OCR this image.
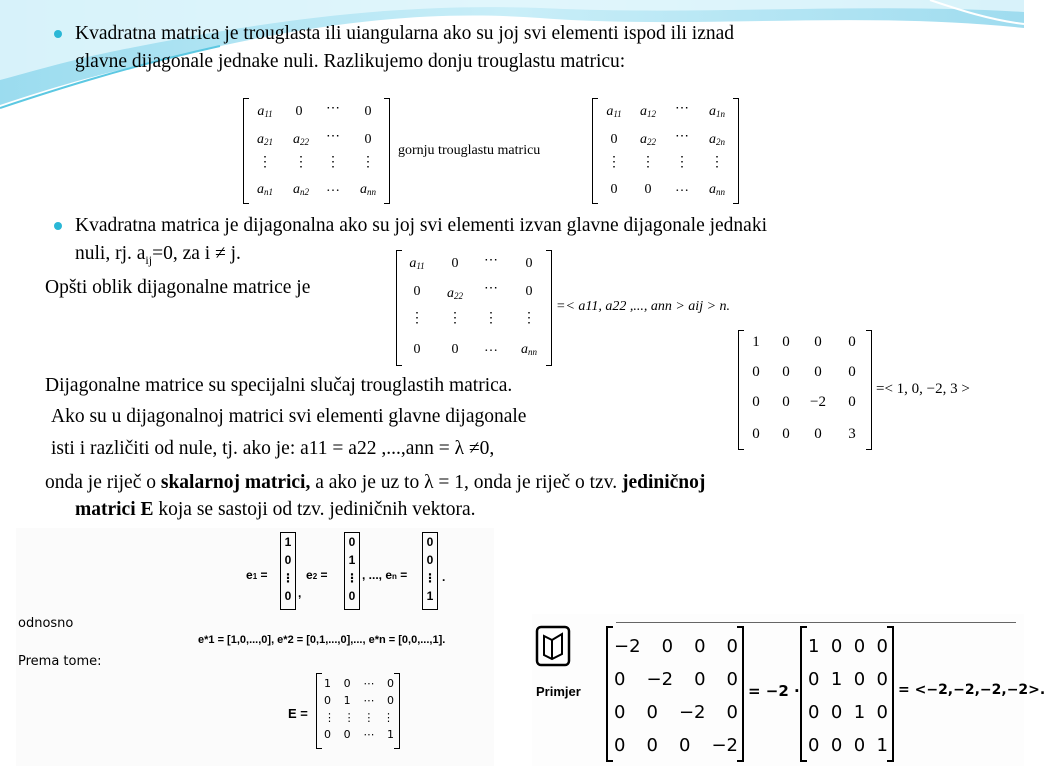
Kvadratna matrica je trouglasta ili uiangularna ako su joj svi elementi ispod ili iznad
glavne dijagonale jednake nuli. Razlikujemo donju trouglastu matricu:
a11	0	⋯	0
a21	a22	⋯	0
⋮	⋮	⋮	⋮
an1	an2	…	ann
gornju trouglastu matricu
a11	a12	⋯	a1n
0	a22	⋯	a2n
⋮	⋮	⋮	⋮
0	0	…	ann
Kvadratna matrica je dijagonalna ako su joj svi elementi izvan glavne dijagonale jednaki
nuli, rj. $a_{ij}=0$, za i ≠ j.
Opšti oblik dijagonalne matrice je
a11	0	⋯	0
0	a22	⋯	0
⋮	⋮	⋮	⋮
0	0	…	ann
=< a11, a22 ,..., ann > aij > n.
1	0	0	0
0	0	0	0
0	0	−2	0
0	0	0	3
=< 1, 0, −2, 3 >
Dijagonalne matrice su specijalni slučaj trouglastih matrica.
Ako su u dijagonalnoj matrici svi elementi glavne dijagonale
isti i različiti od nule, tj. ako je: a11 = a22 ,...,ann = λ ≠0,
onda je riječ o skalarnoj matrici, a ako je uz to λ = 1, onda je riječ o tzv. jediničnoj
matrici E koja se sastoji od tzv. jediničnih vektora.
e1 =
1
0
⋮
0 ,
e2 =
0
1
⋮
0
, ..., en =
0
0
⋮
1
.
odnosno
e*1 = [1,0,...,0], e*2 = [0,1,...,0],..., e*n = [0,0,...,1].
Prema tome:
E =
1 0 ⋯ 0
0 1 ⋯ 0
⋮ ⋮ ⋮ ⋮
0 0 ⋯ 1
Primjer
−2 0 0 0
0 −2 0 0
0 0 −2 0
0 0 0 −2
= −2 ·
1 0 0 0
0 1 0 0
0 0 1 0
0 0 0 1
= <−2,−2,−2,−2>.
